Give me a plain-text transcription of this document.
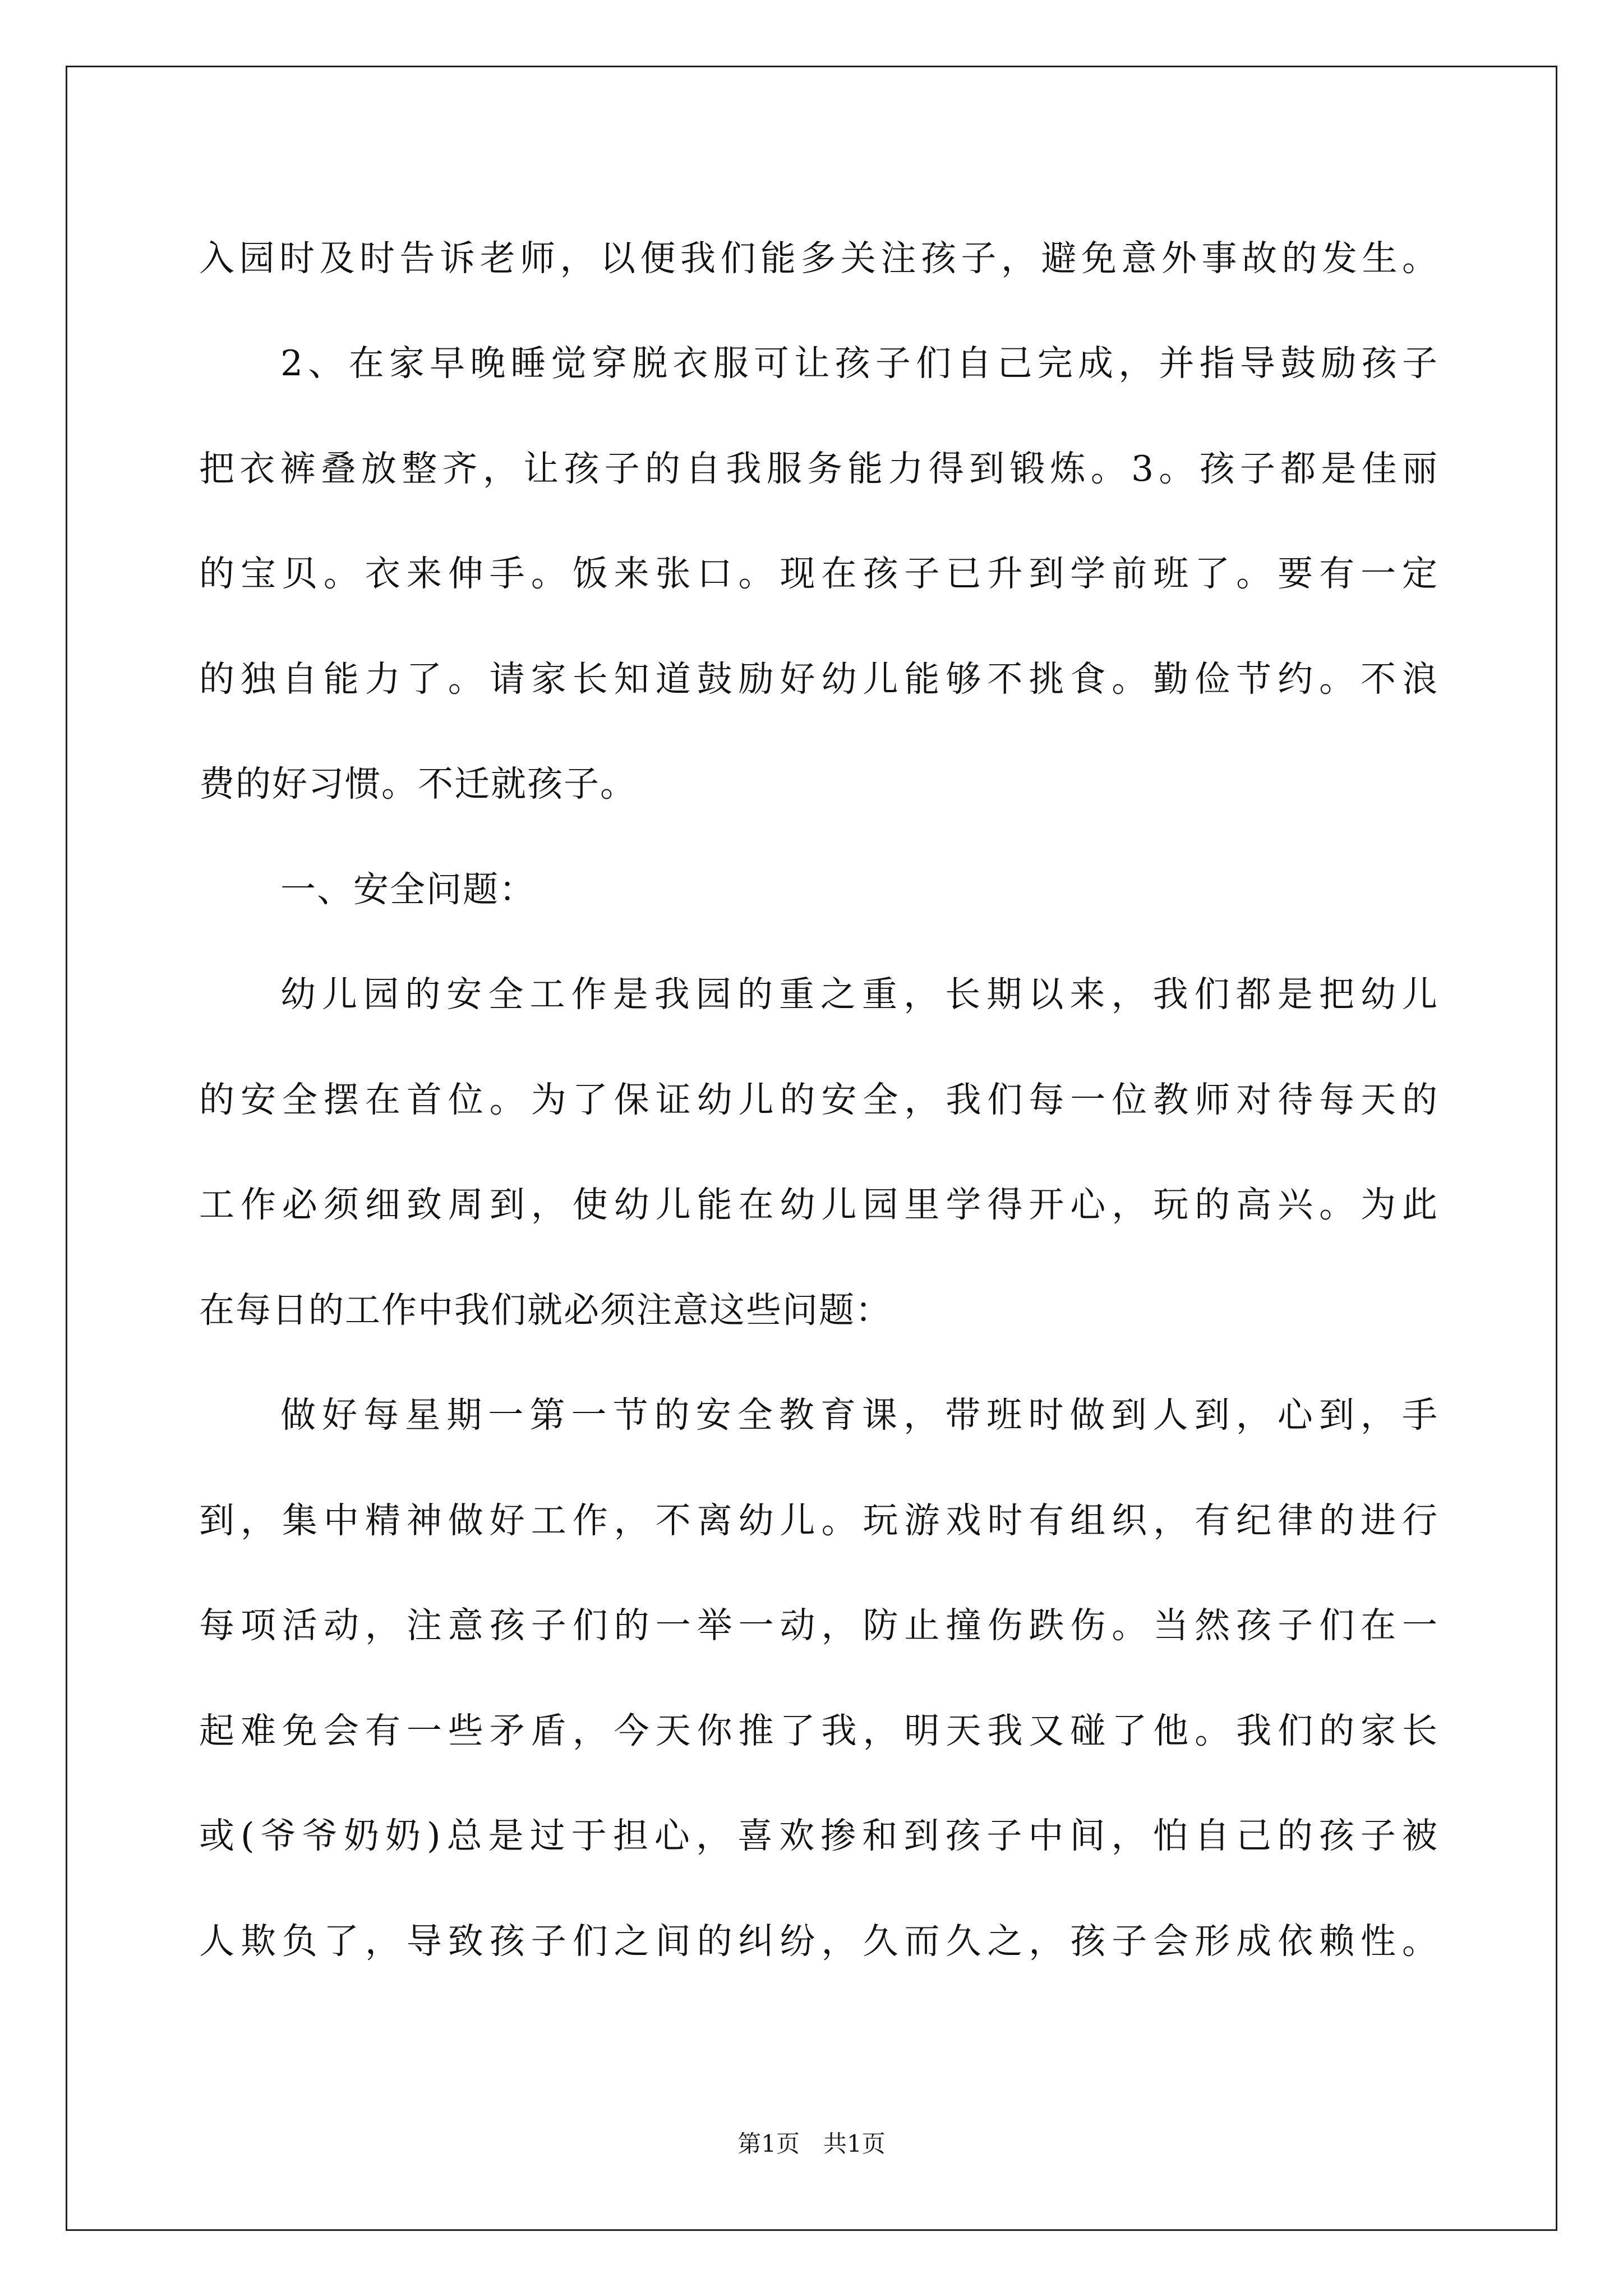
入园时及时告诉老师，以便我们能多关注孩子，避免意外事故的发生。
2、在家早晚睡觉穿脱衣服可让孩子们自己完成，并指导鼓励孩子
把衣裤叠放整齐，让孩子的自我服务能力得到锻炼。3。孩子都是佳丽
的宝贝。衣来伸手。饭来张口。现在孩子已升到学前班了。要有一定
的独自能力了。请家长知道鼓励好幼儿能够不挑食。勤俭节约。不浪
费的好习惯。不迁就孩子。
一、安全问题：
幼儿园的安全工作是我园的重之重，长期以来，我们都是把幼儿
的安全摆在首位。为了保证幼儿的安全，我们每一位教师对待每天的
工作必须细致周到，使幼儿能在幼儿园里学得开心，玩的高兴。为此
在每日的工作中我们就必须注意这些问题：
做好每星期一第一节的安全教育课，带班时做到人到，心到，手
到，集中精神做好工作，不离幼儿。玩游戏时有组织，有纪律的进行
每项活动，注意孩子们的一举一动，防止撞伤跌伤。当然孩子们在一
起难免会有一些矛盾，今天你推了我，明天我又碰了他。我们的家长
或(爷爷奶奶)总是过于担心，喜欢掺和到孩子中间，怕自己的孩子被
人欺负了，导致孩子们之间的纠纷，久而久之，孩子会形成依赖性。
第1页　共1页
